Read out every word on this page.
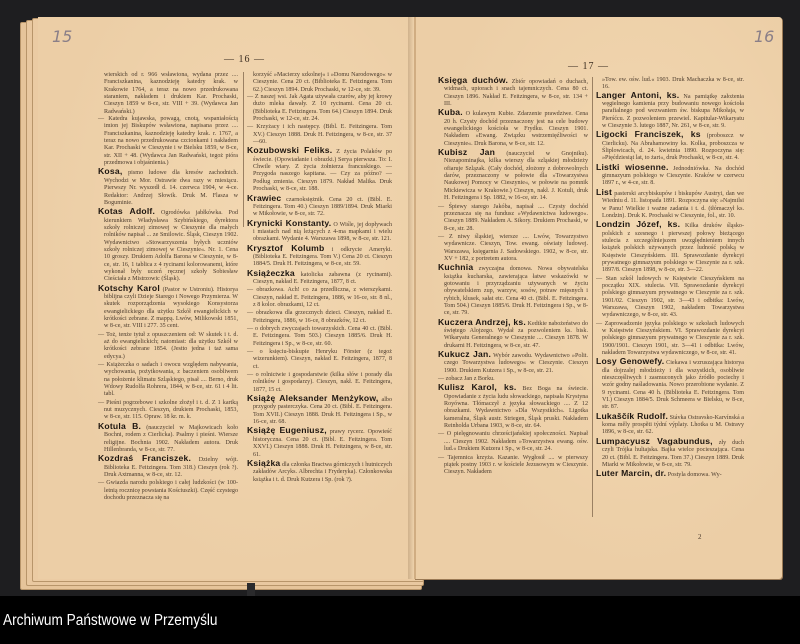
15
— 16 —
wierskich od r. 966 wsławiona, wydana przez .... Franciszkanina, kaznodzieję katedry krak. w Krakowie 1764, a teraz na nowo przedrukowana staraniem, nakładem i drukiem Kar. Prochaski, Cieszyn 1859 w 8-ce, str. VIII + 39. (Wydawca Jan Radwański.)
— Katedra kujawska, powagą, cnotą, wspaniałością imion jej Biskupów wsławiona, napisana przez .... Franciszkanina, kaznodzieję katedry krak. r. 1767, a teraz na nowo przedrukowana czcionkami i nakładem Kar. Prochaski w Cieszynie i w Bielsku 1859, w 8-ce, str. XII + 48. (Wydawca Jan Radwański, tegoż pióra przedmowa i objaśnienia.)
Kosa, pismo ludowe dla kresów zachodnich. Wychodzi w Mor. Ostrawie dwa razy w miesiącu. Pierwszy Nr. wyszedł d. 14. czerwca 1904, w 4-ce. Redaktor: Andrzej Słowik. Druk M. Flasza w Boguminie.
Kotas Adolf. Ogrodówka jabłkówka. Pod kierunkiem Władysława Szybińskiego, dyrektora szkoły rolniczej zimowej w Cieszynie dla małych rolników napisał ... ze Smilowic. Śląsk, Cieszyn 1902. Wydawnictwo »Stowarzyszenia byłych uczniów szkoły rolniczej zimowej w Cieszynie«. Nr. 1. Cena 10 groszy. Drukiem Adolfa Barona w Cieszynie, w 8-ce, str. 16, 1 tablica z 4 rycinami kolorowanemi, które wykonał były uczeń ręcznej szkoły Sobiesław Cieściała z Mistrzowic (Śląsk).
Kotschy Karol (Pastor w Ustroniu). Historya biblijna czyli Dzieje Starego i Nowego Przymierza. W skutek rozporządzenia wysokiego Konsystorza ewangielickiego dla użytku Szkół ewangielickich w krótkości zebrane. Z mappą. Lwów, Milikowski 1851, w 8-ce, str. VIII i 277. 35 cent.
— Toż, tenże tytuł z opuszczeniem od: W skutek i t. d. aż do ewangielickich; natomiast: dla użytku Szkół w krótkości zebrane 1854. (Jestto jedna i taż sama edycya.)
— Książeczka o sadach i owocu względem nabywania, wychowania, pożytkowania, z baczeniem osobliwem na położenie klimatu Szląskiego, pisał .... Berno, druk Wdowy Rudolfa Rohrera, 1844, w 8-ce, str. 61 i 4 lit. tabl.
— Pieśni pogrzebowe i szkolne złożył i t. d. Z 1 kartką nut muzycznych. Cieszyn, drukiem Prochaski, 1853, w 8-ce, str. 115. Opraw. 18 kr. m. k.
Kotula B. (nauczyciel w Majkowicach koło Bochni, rodem z Cierlicka). Psalmy i pieśni. Wiersze religijne. Bochnia 1902. Nakładem autora. Druk Hillenbranda, w 8-ce, str. 77.
Kozdraś Franciszek. Dzielny wójt. Biblioteka E. Feitzingera. Tom 318.) Cieszyn (rok ?). Druk Axtmanna, w 8-ce, str. 12.
— Gwiazda narodu polskiego i całej ludzkości (w 100-letnią rocznicę powstania Kościuszki). Część czystego dochodu przeznacza się na
korzyść »Macierzy szkolnej« i »Domu Narodowego« w Cieszynie. Cena 20 ct. (Biblioteka E. Feitzingera. Tom 62.) Cieszyn 1894. Druk Prochaski, w 12-ce, str. 39.
— Z naszej wsi. Jak Agata używała czarów, aby jej krowy dużo mleka dawały. Z 10 rycinami. Cena 20 ct. (Biblioteka E. Feitzingera. Tom 64.) Cieszyn 1894. Druk Prochaski, w 12-ce, str. 24.
— Krzyżacy i ich następcy. (Bibl. E. Feitzingera. Tom XV.) Cieszyn 1888. Druk H. Feitzingera, w 8-ce, str. 37—60.
Kozubowski Feliks. Z życia Polaków po świecie. (Opowiadanie i obrazki.) Serya pierwsza. To: I. Chwile wiary. Z życia żołnierza francuskiego. — Przygoda naszego kapitana. — Czy za późno? — Podług zmienia. Cieszyn 1879. Nakład Malika. Druk Prochaski, w 8-ce, str. 188.
Krawiec czarnoksiężnik. Cena 20 ct. (Bibl. E. Feitzingera. Tom 40.) Cieszyn 1889/1894. Druk Miarki w Mikołowie, w 8-ce, str. 72.
Krynicki Konstanty. O Wiśle, jej dopływach i miastach nad nią leżących z 4-ma mapkami i wielu obrazkami. Wydanie 4. Warszawa 1898, w 8-ce, str. 121.
Krysztof Kolumb i odkrycie Ameryki. (Biblioteka E. Feitzingera. Tom V.) Cena 20 ct. Cieszyn 1884/5. Druk H. Feitzingera, w 8-ce, str. 59.
Książeczka katolicka zabawna (z rycinami). Cieszyn, nakład E. Feitzingera, 1877, 8 ct.
— obrazkowa. Ach! co za przedliczna, z wierszykami. Cieszyn, nakład E. Feitzingera, 1886, w 16-ce, str. 8 nl., z 8 kolor. obrazkami, 12 ct.
— obrazkowa dla grzecznych dzieci. Cieszyn, nakład E. Feitzingera, 1886, w 16-ce, 8 obrazków, 12 ct.
— o dobrych zwyczajach towarzyskich. Cena 40 ct. (Bibl. E. Feitzingera. Tom 503.) Cieszyn 1885/6. Druk H. Feitzingera i Sp., w 8-ce, str. 60.
— o księciu-biskupie Henryku Förster (z tegoż wizerunkiem). Cieszyn, nakład E. Feitzingera, 1877, 8 ct.
— o rolnictwie i gospodarstwie (kilka słów i porady dla rolników i gospodarzy). Cieszyn, nakł. E. Feitzingera, 1877, 15 ct.
Książę Aleksander Menżykow, albo przygody pasterczyka. Cena 20 ct. (Bibl. E. Feitzingera. Tom XVII.) Cieszyn 1888. Druk H. Feitzingera i Sp., w 16-ce, str. 68.
Książę Eugeniusz, prawy rycerz. Opowieść historyczna. Cena 20 ct. (Bibl. E. Feitzingera. Tom XXVI.) Cieszyn 1888. Druk H. Feitzingera, w 8-ce, str. 61.
Książka dla członka Bractwa górniczych i hutniczych zakładów Arcyks. Albrechta i Fryderyka). Członkowska książka i t. d. Druk Kutzera i Sp. (rok ?).
16
— 17 —
Księga duchów. Zbiór opowiadań o duchach, widmach, upiorach i snach tajemniczych. Cena 80 ct. Cieszyn 1896. Nakład E. Feitzingera, w 8-ce, str. 134 + III.
Kuba. O kulawym Kubie. Zdarzenie prawdziwe. Cena 20 h. Czysty dochód przeznaczony jest na cele budowy ewangelickiego kościoła w Frydku. Cieszyn 1901. Nakładem »Ewang. Związku wstrzemięźliwości w Cieszynie«. Druk Barona, w 8-ce, str. 12.
Kubisz Jan (nauczyciel w Gnojniku). Niezapominajka, kilka wierszy dla szląskiej młodzieży ofiaruje Szlązak. (Cały dochód, złożony z dobrowolnych darów, przeznaczony w połowie dla »Towarzystwa Naukowej Pomocy w Cieszynie«, w połowie na pomnik Mickiewicza w Krakowie.) Cieszyn, nakł. J. Kotuli, druk H. Feitzingera i Sp. 1882, w 16-ce, str. 14.
— Śpiewy starego Jakóba, napisał .... Czysty dochód przeznacza się na fundusz »Wydawnictwa ludowego«. Cieszyn 1889. Nakładem A. Sikory. Drukiem Prochaski, w 8-ce, str. 28.
— Z niwy śląskiej, wiersze .... Lwów, Towarzystwo wydawnicze. Cieszyn, Tow. ewang. oświaty ludowej. Warszawa, księgarnia J. Sadowskiego. 1902, w 8-ce, str. XV + 182, z portretem autora.
Kuchnia zwyczajna domowa. Nowa obywatelska książka kucharska, zawierająca łatwe wskazówki w gotowaniu i przyrządzaniu używanych w życiu obywatelskiem zup, warzyw, sosów, potraw mięsnych i rybich, klusek, sałat etc. Cena 40 ct. (Bibl. E. Feitzingera. Tom 504.) Cieszyn 1885/6. Druk H. Feitzingera i Sp., w 8-ce, str. 79.
Kuczera Andrzej, ks. Kedtkie nabożeństwo do świętego Alojzego. Wydał za pozwoleniem ks. bisk. Wikaryatu Generalnego w Cieszynie .... Cieszyn 1878. W drukarni H. Feitzingera, w 8-ce, str. 47.
Kukucz Jan. Wybór zawodu. Wydawnictwo »Polit. czego Towarzystwa ludowego« w Cieszynie. Cieszyn 1900. Drukiem Kutzera i Sp., w 8-ce, str. 21.
— zobacz Jan z Borku.
Kulisz Karol, ks. Bez Boga na świecie. Opowiadanie z życia ludu słowackiego, napisała Krystyna Royówna. Tłómaczył z języka słowackiego .... Z 12 obrazkami. Wydawnictwo »Dla Wszystkich«. Ligotka kameralna, Śląsk austr. Striegen, Śląsk pruski. Nakładem Reinholda Urbana 1903, w 8-ce, str. 64.
— O pielęgnowaniu chrześcijańskiej społeczności. Napisał .... Cieszyn 1902. Nakładem »Towarzystwa ewang. ośw. lud.« Drukiem Kutzera i Sp., w 8-ce, str. 24.
— Tajemnica krzyża. Kazanie. Wygłosił .... w pierwszy piątek postny 1903 r. w kościele Jezusowym w Cieszynie. Cieszyn. Nakładem
»Tow. ew. ośw. lud.« 1903. Druk Machaczka w 8-ce, str. 16.
Langer Antoni, ks. Na pamiątkę założenia węgielnego kamienia przy budowaniu nowego kościoła parafialnego pod wezwaniem św. biskupa Mikołaja, w Pierśćcu. Z pozwoleniem przewiel. Kapitular-Wikaryatu w Cieszynie 3. lutego 1887, Nr. 261, w 8-ce, str. 9.
Ligocki Franciszek, ks (proboszcz w Cierlicku). Na Abrahamowiny ks. Kolka, proboszcza w Śliplowicach, d. 24. kwietnia 1890. Rozpoczyna się: »Pięćdziesiąt lat, to żart«, druk Prochaski, w 8-ce, str. 4.
Listki wiosenne. Jednodniówka. Na dochód gimnazyum polskiego w Cieszynie. Kraków w czerwcu 1897 r., w 4-ce, str. 8.
List pasterski arcybiskupów i biskupów Austryi, dan we Wiedniu d. 11. listopada 1891. Rozpoczyna się: »Najmilsi w Panu! Wielkie i ważne zadania i t. d. (tłómaczył ks. Londzin). Druk K. Prochaski w Cieszynie, fol., str. 10.
Londzin Józef, ks. Kilka druków śląsko-polskich z szesnego i pierwszej połowy bieżącego stulecia z szczególniejszem uwzględnieniem innych książek polskich używanych przez ludność polską w Księstwie Cieszyńskiem. III. Sprawozdanie dyrekcyi prywatnego gimnazyum polskiego w Cieszynie za r. szk. 1897/8. Cieszyn 1898, w 8-ce, str. 3—22.
— Stan szkół ludowych w Księstwie Cieszyńskiem na początku XIX. stulecia. VII. Sprawozdanie dyrekcyi polskiego gimnazyum prywatnego w Cieszynie za r. szk. 1901/02. Cieszyn 1902, str. 3—43 i odbitka: Lwów, Warszawa, Cieszyn 1902, nakładem Towarzystwa wydawniczego, w 8-ce, str. 43.
— Zaprowadzenie języka polskiego w szkołach ludowych w Księstwie Cieszyńskiem. VI. Sprawozdanie dyrekcyi polskiego gimnazyum prywatnego w Cieszynie za r. szk. 1900/1901. Cieszyn 1901, str. 3—41 i odbitka: Lwów, nakładem Towarzystwa wydawniczego, w 8-ce, str. 41.
Losy Genowefy. Ciekawa i wzruszająca historya dla dojrzalej młodzieży i dla wszystkich, osobliwie nieszczęśliwych i zasmuconych jako źródło pociechy i wzór godny naśladowania. Nowo przerobione wydanie. Z 9 rycinami. Cena 40 h. (Biblioteka E. Feitzingera. Tom VI.) Cieszyn 1884/5. Druk Schmeera w Bielsku, w 8-ce, str. 87.
Lukaščík Rudolf. Stávka Ostravsko-Karvínská a koma měly prospěti týdní výplaty. Lhotka u M. Ostravy 1896, w 8-ce, str. 62.
Lumpacyusz Vagabundus, zły duch czyli Trójka hultajska. Bajka wielce pocieszająca. Cena 20 ct. (Bibl. E. Feitzingera. Tom 37.) Cieszyn 1889. Druk Miarki w Mikołowie, w 8-ce, str. 79.
Luter Marcin, dr. Postyla domowa. Wy-
2
Archiwum Państwowe w Przemyślu
